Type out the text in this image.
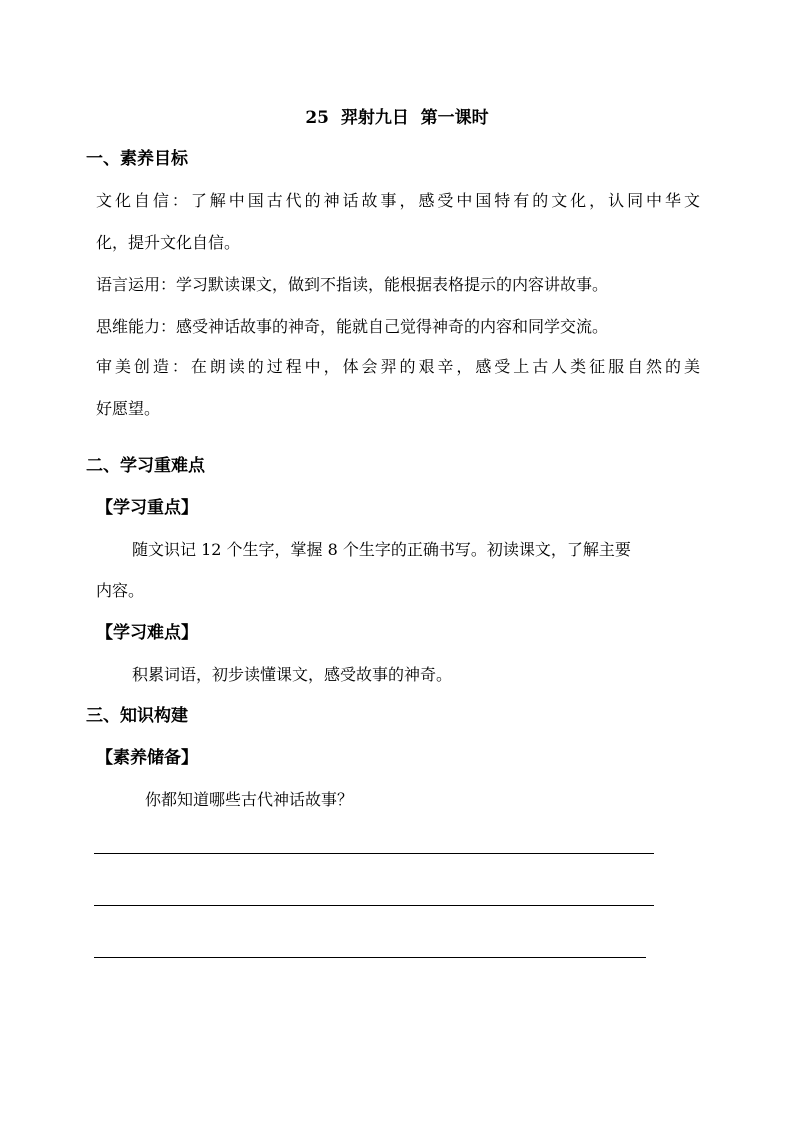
25  羿射九日  第一课时
一、素养目标
文化自信：了解中国古代的神话故事，感受中国特有的文化，认同中华文
化，提升文化自信。
语言运用：学习默读课文，做到不指读，能根据表格提示的内容讲故事。
思维能力：感受神话故事的神奇，能就自己觉得神奇的内容和同学交流。
审美创造：在朗读的过程中，体会羿的艰辛，感受上古人类征服自然的美
好愿望。
二、学习重难点
【学习重点】
随文识记 12 个生字，掌握 8 个生字的正确书写。初读课文，了解主要
内容。
【学习难点】
积累词语，初步读懂课文，感受故事的神奇。
三、知识构建
【素养储备】
你都知道哪些古代神话故事？
